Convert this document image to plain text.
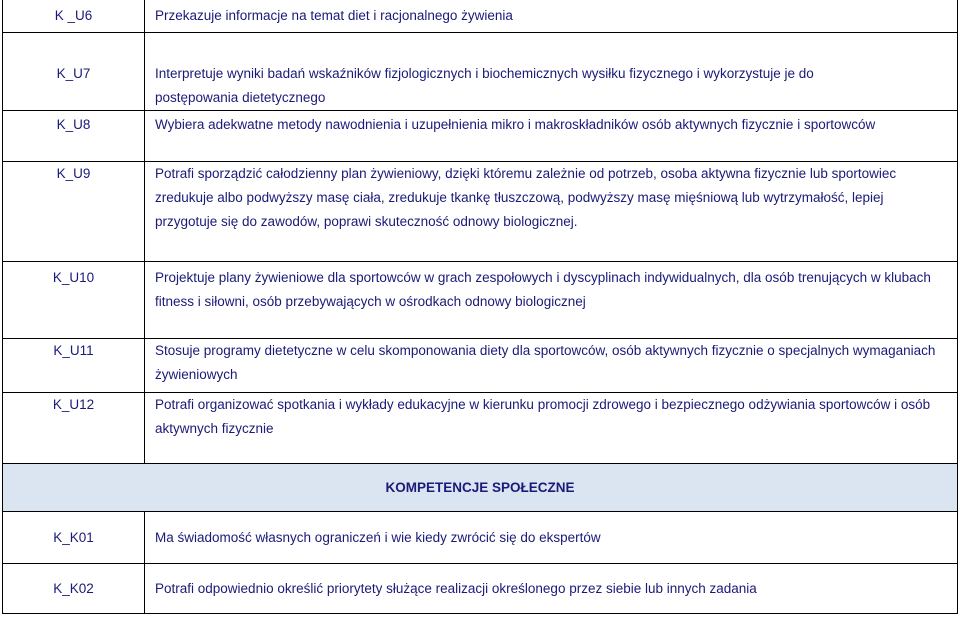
K _U6	Przekazuje informacje na temat diet i racjonalnego żywienia
K_U7	Interpretuje wyniki badań wskaźników fizjologicznych i biochemicznych wysiłku fizycznego i wykorzystuje je do postępowania dietetycznego
K_U8	Wybiera adekwatne metody nawodnienia i uzupełnienia mikro i makroskładników osób aktywnych fizycznie i sportowców
K_U9	Potrafi sporządzić całodzienny plan żywieniowy, dzięki któremu zależnie od potrzeb, osoba aktywna fizycznie lub sportowiec zredukuje albo podwyższy masę ciała, zredukuje tkankę tłuszczową, podwyższy masę mięśniową lub wytrzymałość, lepiej przygotuje się do zawodów, poprawi skuteczność odnowy biologicznej.
K_U10	Projektuje plany żywieniowe dla sportowców w grach zespołowych i dyscyplinach indywidualnych, dla osób trenujących w klubach fitness i siłowni, osób przebywających w ośrodkach odnowy biologicznej
K_U11	Stosuje programy dietetyczne w celu skomponowania diety dla sportowców, osób aktywnych fizycznie o specjalnych wymaganiach żywieniowych
K_U12	Potrafi organizować spotkania i wykłady edukacyjne w kierunku promocji zdrowego i bezpiecznego odżywiania sportowców i osób aktywnych fizycznie
KOMPETENCJE SPOŁECZNE	
K_K01	Ma świadomość własnych ograniczeń i wie kiedy zwrócić się do ekspertów
K_K02	Potrafi odpowiednio określić priorytety służące realizacji określonego przez siebie lub innych zadania
